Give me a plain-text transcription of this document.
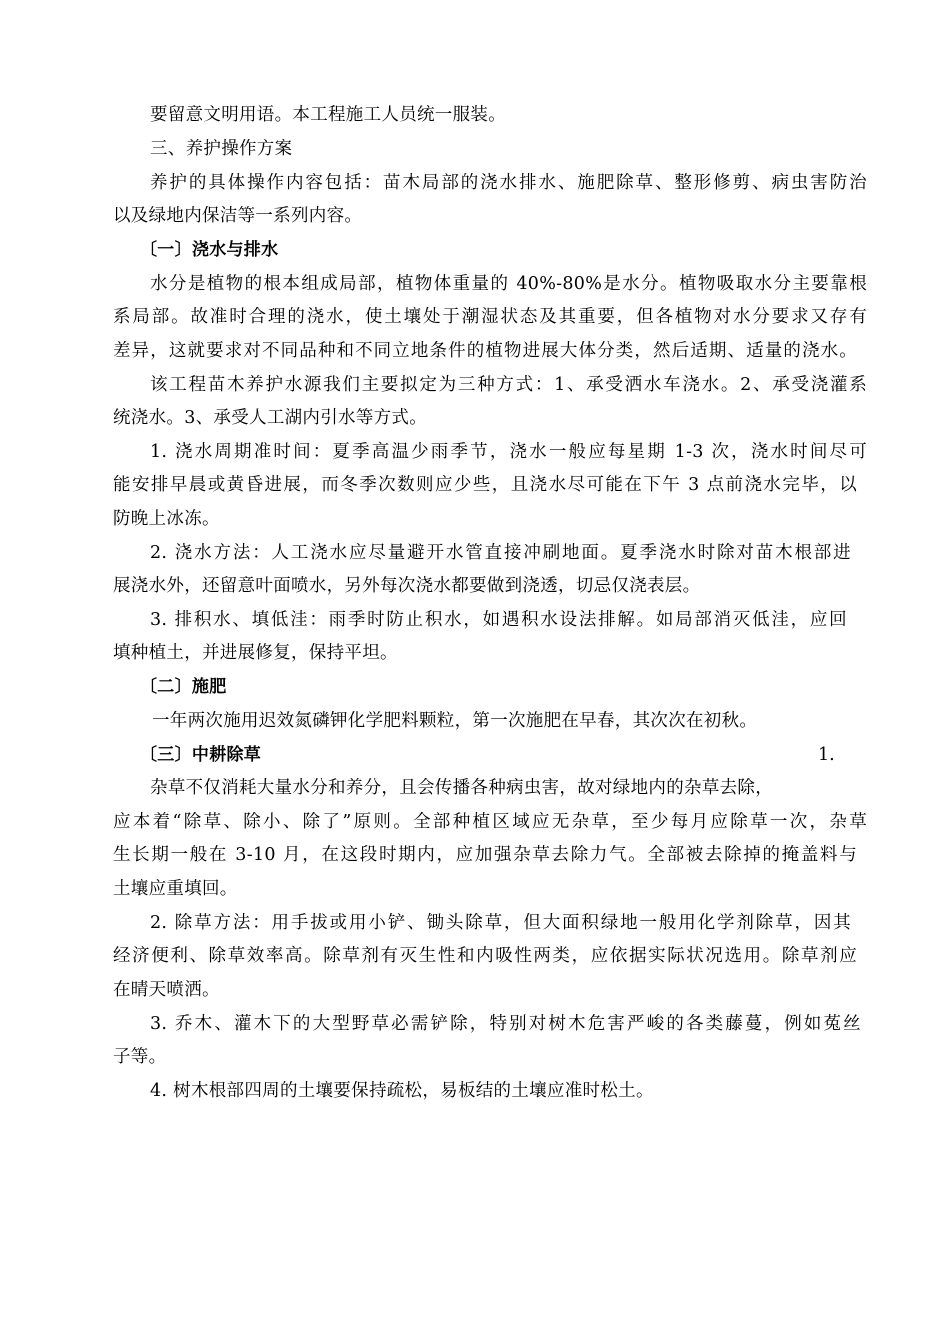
要留意文明用语。本工程施工人员统一服装。
三、养护操作方案
养护的具体操作内容包括：苗木局部的浇水排水、施肥除草、整形修剪、病虫害防治
以及绿地内保洁等一系列内容。
〔一〕浇水与排水
水分是植物的根本组成局部，植物体重量的 40%-80%是水分。植物吸取水分主要靠根
系局部。故准时合理的浇水，使土壤处于潮湿状态及其重要，但各植物对水分要求又存有
差异，这就要求对不同品种和不同立地条件的植物进展大体分类，然后适期、适量的浇水。
该工程苗木养护水源我们主要拟定为三种方式：1、承受洒水车浇水。2、承受浇灌系
统浇水。3、承受人工湖内引水等方式。
1. 浇水周期准时间：夏季高温少雨季节，浇水一般应每星期 1-3 次，浇水时间尽可
能安排早晨或黄昏进展，而冬季次数则应少些，且浇水尽可能在下午 3 点前浇水完毕，以
防晚上冰冻。
2. 浇水方法：人工浇水应尽量避开水管直接冲刷地面。夏季浇水时除对苗木根部进
展浇水外，还留意叶面喷水，另外每次浇水都要做到浇透，切忌仅浇表层。
3. 排积水、填低洼：雨季时防止积水，如遇积水设法排解。如局部消灭低洼，应回
填种植土，并进展修复，保持平坦。
〔二〕施肥
一年两次施用迟效氮磷钾化学肥料颗粒，第一次施肥在早春，其次次在初秋。
〔三〕中耕除草	1.
杂草不仅消耗大量水分和养分，且会传播各种病虫害，故对绿地内的杂草去除，
应本着“除草、除小、除了”原则。全部种植区域应无杂草，至少每月应除草一次，杂草
生长期一般在 3-10 月，在这段时期内，应加强杂草去除力气。全部被去除掉的掩盖料与
土壤应重填回。
2. 除草方法：用手拔或用小铲、锄头除草，但大面积绿地一般用化学剂除草，因其
经济便利、除草效率高。除草剂有灭生性和内吸性两类，应依据实际状况选用。除草剂应
在晴天喷洒。
3. 乔木、灌木下的大型野草必需铲除，特别对树木危害严峻的各类藤蔓，例如菟丝
子等。
4. 树木根部四周的土壤要保持疏松，易板结的土壤应准时松土。
